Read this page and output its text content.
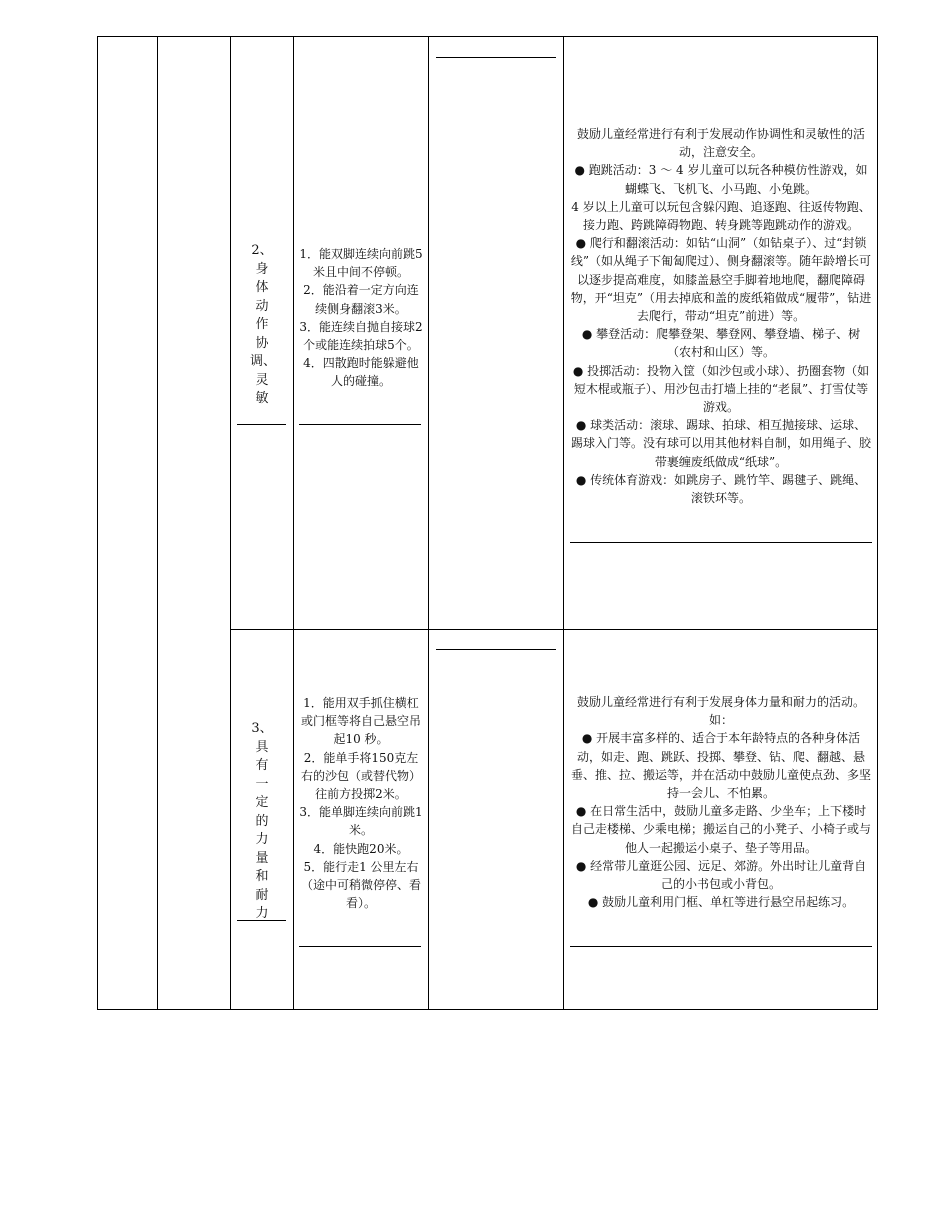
2、身体动作协调、灵敏

1．能双脚连续向前跳5 米且中间不停顿。

2．能沿着一定方向连续侧身翻滚3米。

3．能连续自抛自接球2个或能连续拍球5个。

4．四散跑时能躲避他人的碰撞。

鼓励儿童经常进行有利于发展动作协调性和灵敏性的活动，注意安全。

● 跑跳活动：3 ～ 4 岁儿童可以玩各种模仿性游戏，如蝴蝶飞、飞机飞、小马跑、小兔跳。

4 岁以上儿童可以玩包含躲闪跑、追逐跑、往返传物跑、接力跑、跨跳障碍物跑、转身跳等跑跳动作的游戏。

● 爬行和翻滚活动：如钻“山洞”（如钻桌子）、过“封锁线”（如从绳子下匍匐爬过）、侧身翻滚等。随年龄增长可以逐步提高难度，如膝盖悬空手脚着地地爬，翻爬障碍物，开“坦克”（用去掉底和盖的废纸箱做成“履带”，钻进去爬行，带动“坦克”前进）等。

● 攀登活动：爬攀登架、攀登网、攀登墙、梯子、树（农村和山区）等。

● 投掷活动：投物入筐（如沙包或小球）、扔圈套物（如短木棍或瓶子）、用沙包击打墙上挂的“老鼠”、打雪仗等游戏。

● 球类活动：滚球、踢球、拍球、相互抛接球、运球、踢球入门等。没有球可以用其他材料自制，如用绳子、胶带裹缠废纸做成“纸球”。

● 传统体育游戏：如跳房子、跳竹竿、踢毽子、跳绳、滚铁环等。

3、具有一定的力量和耐力

1．能用双手抓住横杠或门框等将自己悬空吊起10 秒。

2．能单手将150克左右的沙包（或替代物）往前方投掷2米。

3．能单脚连续向前跳1米。

4．能快跑20米。

5．能行走1 公里左右（途中可稍微停停、看看）。

鼓励儿童经常进行有利于发展身体力量和耐力的活动。如：

● 开展丰富多样的、适合于本年龄特点的各种身体活动，如走、跑、跳跃、投掷、攀登、钻、爬、翻越、悬垂、推、拉、搬运等，并在活动中鼓励儿童使点劲、多坚持一会儿、不怕累。

● 在日常生活中，鼓励儿童多走路、少坐车；上下楼时自己走楼梯、少乘电梯；搬运自己的小凳子、小椅子或与他人一起搬运小桌子、垫子等用品。

● 经常带儿童逛公园、远足、郊游。外出时让儿童背自己的小书包或小背包。

● 鼓励儿童利用门框、单杠等进行悬空吊起练习。
